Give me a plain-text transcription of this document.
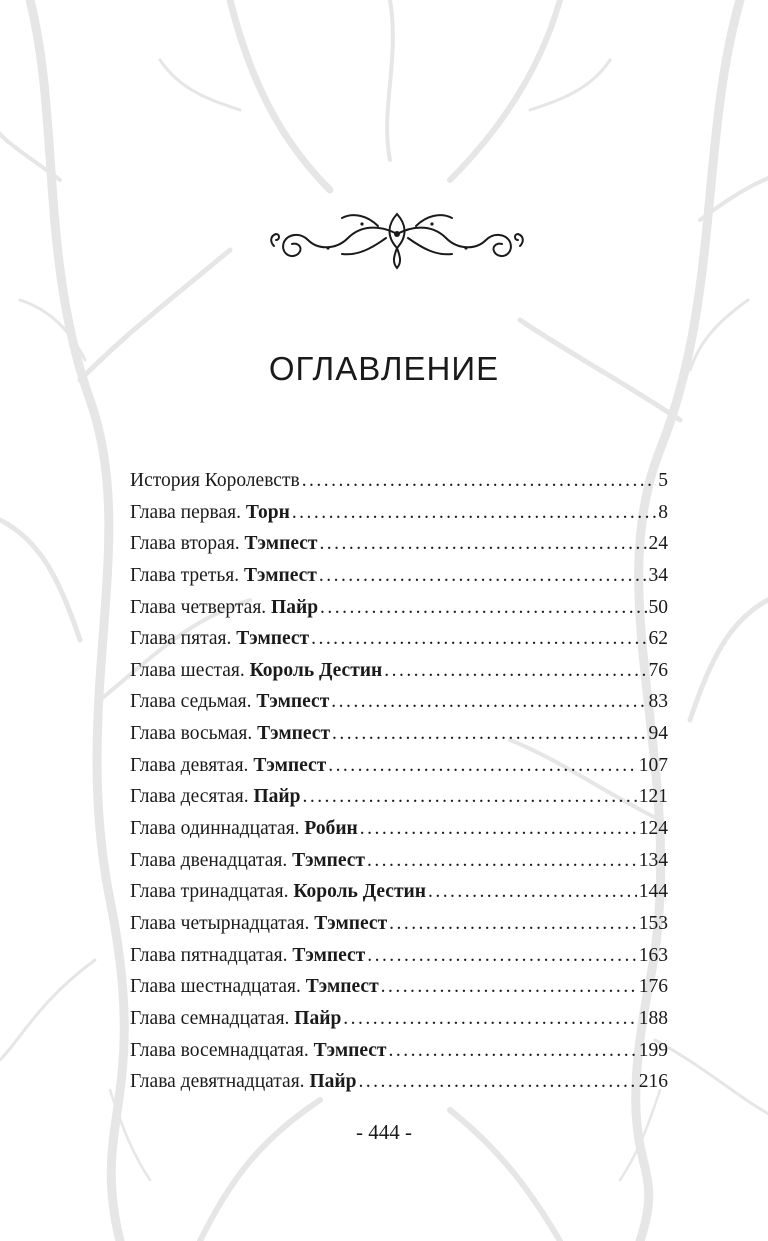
ОГЛАВЛЕНИЕ
История Королевств . . .	5
Глава первая. Торн . . .	8
Глава вторая. Тэмпест . . .	24
Глава третья. Тэмпест . . .	34
Глава четвертая. Пайр . . .	50
Глава пятая. Тэмпест . . .	62
Глава шестая. Король Дестин . . .	76
Глава седьмая. Тэмпест . . .	83
Глава восьмая. Тэмпест . . .	94
Глава девятая. Тэмпест . . .	107
Глава десятая. Пайр . . .	121
Глава одиннадцатая. Робин . . .	124
Глава двенадцатая. Тэмпест . . .	134
Глава тринадцатая. Король Дестин . . .	144
Глава четырнадцатая. Тэмпест . . .	153
Глава пятнадцатая. Тэмпест . . .	163
Глава шестнадцатая. Тэмпест . . .	176
Глава семнадцатая. Пайр . . .	188
Глава восемнадцатая. Тэмпест . . .	199
Глава девятнадцатая. Пайр . . .	216
- 444 -
